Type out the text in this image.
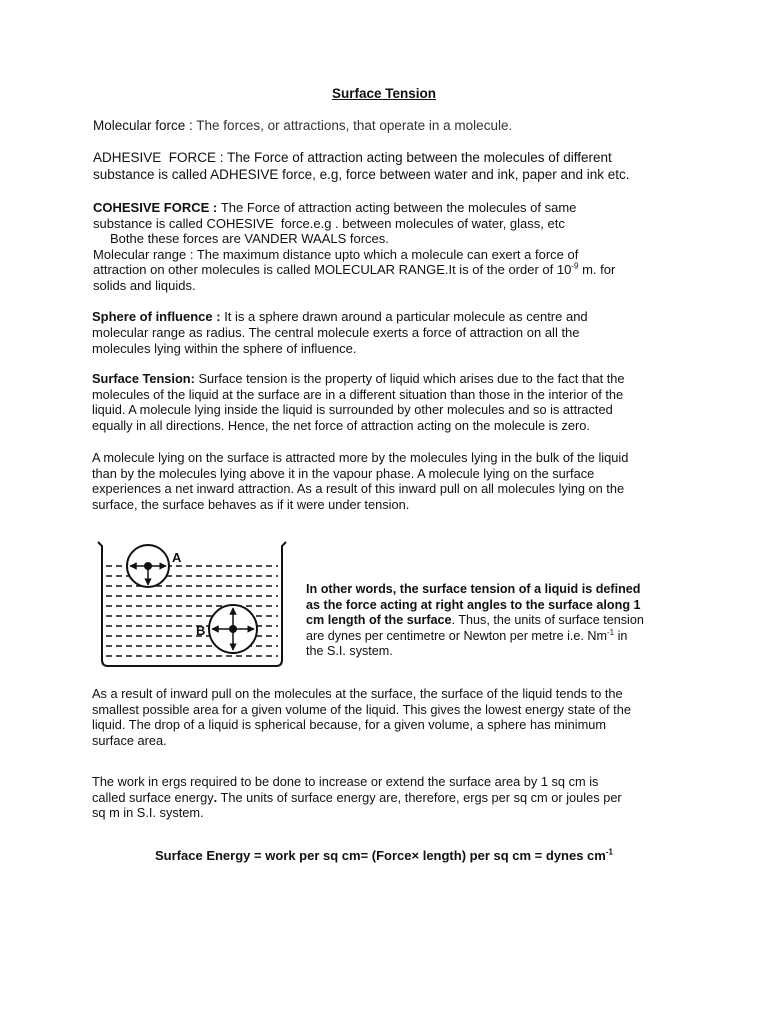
Surface Tension
Molecular force : The forces, or attractions, that operate in a molecule.
ADHESIVE  FORCE : The Force of attraction acting between the molecules of different
substance is called ADHESIVE force, e.g, force between water and ink, paper and ink etc.
COHESIVE FORCE : The Force of attraction acting between the molecules of same
substance is called COHESIVE  force.e.g . between molecules of water, glass, etc
Bothe these forces are VANDER WAALS forces.
Molecular range : The maximum distance upto which a molecule can exert a force of
attraction on other molecules is called MOLECULAR RANGE.It is of the order of $10^{-9}$ m. for
solids and liquids.
Sphere of influence : It is a sphere drawn around a particular molecule as centre and
molecular range as radius. The central molecule exerts a force of attraction on all the
molecules lying within the sphere of influence.
Surface Tension: Surface tension is the property of liquid which arises due to the fact that the
molecules of the liquid at the surface are in a different situation than those in the interior of the
liquid. A molecule lying inside the liquid is surrounded by other molecules and so is attracted
equally in all directions. Hence, the net force of attraction acting on the molecule is zero.
A molecule lying on the surface is attracted more by the molecules lying in the bulk of the liquid
than by the molecules lying above it in the vapour phase. A molecule lying on the surface
experiences a net inward attraction. As a result of this inward pull on all molecules lying on the
surface, the surface behaves as if it were under tension.
A
B
In other words, the surface tension of a liquid is defined
as the force acting at right angles to the surface along 1
cm length of the surface. Thus, the units of surface tension
are dynes per centimetre or Newton per metre i.e. $Nm^{-1}$ in
the S.I. system.
As a result of inward pull on the molecules at the surface, the surface of the liquid tends to the
smallest possible area for a given volume of the liquid. This gives the lowest energy state of the
liquid. The drop of a liquid is spherical because, for a given volume, a sphere has minimum
surface area.
The work in ergs required to be done to increase or extend the surface area by 1 sq cm is
called surface energy. The units of surface energy are, therefore, ergs per sq cm or joules per
sq m in S.I. system.
Surface Energy = work per sq cm= (Force× length) per sq cm = dynes $cm^{-1}$
